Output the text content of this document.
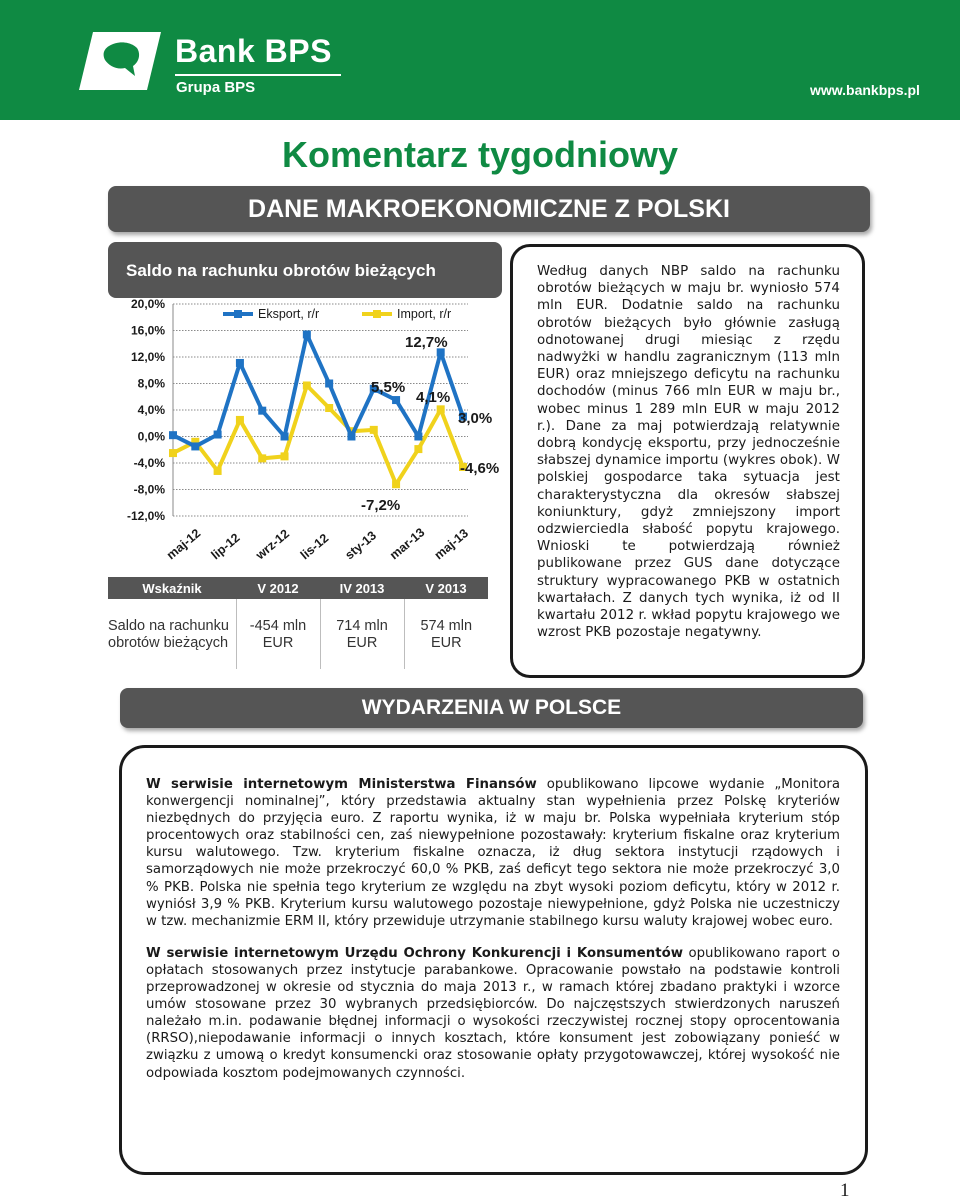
Bank BPS
Grupa BPS	www.bankbps.pl
Komentarz tygodniowy
DANE MAKROEKONOMICZNE Z POLSKI
Saldo na rachunku obrotów bieżących
20,0%
16,0%
12,0%
8,0%
4,0%
0,0%
-4,0%
-8,0%
-12,0%
maj-12 lip-12 wrz-12 lis-12 sty-13 mar-13 maj-13
Eksport, r/r	Import, r/r
12,7%
5,5%
4,1%
3,0%
-4,6%
-7,2%
Wskaźnik	V 2012	IV 2013	V 2013
Saldo na rachunku obrotów bieżących	-454 mln EUR	714 mln EUR	574 mln EUR
Według danych NBP saldo na rachunku obrotów bieżących w maju br. wyniosło 574 mln EUR. Dodatnie saldo na rachunku obrotów bieżących było głównie zasługą odnotowanej drugi miesiąc z rzędu nadwyżki w handlu zagranicznym (113 mln EUR) oraz mniejszego deficytu na rachunku dochodów (minus 766 mln EUR w maju br., wobec minus 1 289 mln EUR w maju 2012 r.). Dane za maj potwierdzają relatywnie dobrą kondycję eksportu, przy jednocześnie słabszej dynamice importu (wykres obok). W polskiej gospodarce taka sytuacja jest charakterystyczna dla okresów słabszej koniunktury, gdyż zmniejszony import odzwierciedla słabość popytu krajowego. Wnioski te potwierdzają również publikowane przez GUS dane dotyczące struktury wypracowanego PKB w ostatnich kwartałach. Z danych tych wynika, iż od II kwartału 2012 r. wkład popytu krajowego we wzrost PKB pozostaje negatywny.
WYDARZENIA W POLSCE

W serwisie internetowym Ministerstwa Finansów opublikowano lipcowe wydanie „Monitora konwergencji nominalnej”, który przedstawia aktualny stan wypełnienia przez Polskę kryteriów niezbędnych do przyjęcia euro. Z raportu wynika, iż w maju br. Polska wypełniała kryterium stóp procentowych oraz stabilności cen, zaś niewypełnione pozostawały: kryterium fiskalne oraz kryterium kursu walutowego. Tzw. kryterium fiskalne oznacza, iż dług sektora instytucji rządowych i samorządowych nie może przekroczyć 60,0 % PKB, zaś deficyt tego sektora nie może przekroczyć 3,0 % PKB. Polska nie spełnia tego kryterium ze względu na zbyt wysoki poziom deficytu, który w 2012 r. wyniósł 3,9 % PKB. Kryterium kursu walutowego pozostaje niewypełnione, gdyż Polska nie uczestniczy w tzw. mechanizmie ERM II, który przewiduje utrzymanie stabilnego kursu waluty krajowej wobec euro.

W serwisie internetowym Urzędu Ochrony Konkurencji i Konsumentów opublikowano raport o opłatach stosowanych przez instytucje parabankowe. Opracowanie powstało na podstawie kontroli przeprowadzonej w okresie od stycznia do maja 2013 r., w ramach której zbadano praktyki i wzorce umów stosowane przez 30 wybranych przedsiębiorców. Do najczęstszych stwierdzonych naruszeń należało m.in. podawanie błędnej informacji o wysokości rzeczywistej rocznej stopy oprocentowania (RRSO),niepodawanie informacji o innych kosztach, które konsument jest zobowiązany ponieść w związku z umową o kredyt konsumencki oraz stosowanie opłaty przygotowawczej, której wysokość nie odpowiada kosztom podejmowanych czynności.

1
